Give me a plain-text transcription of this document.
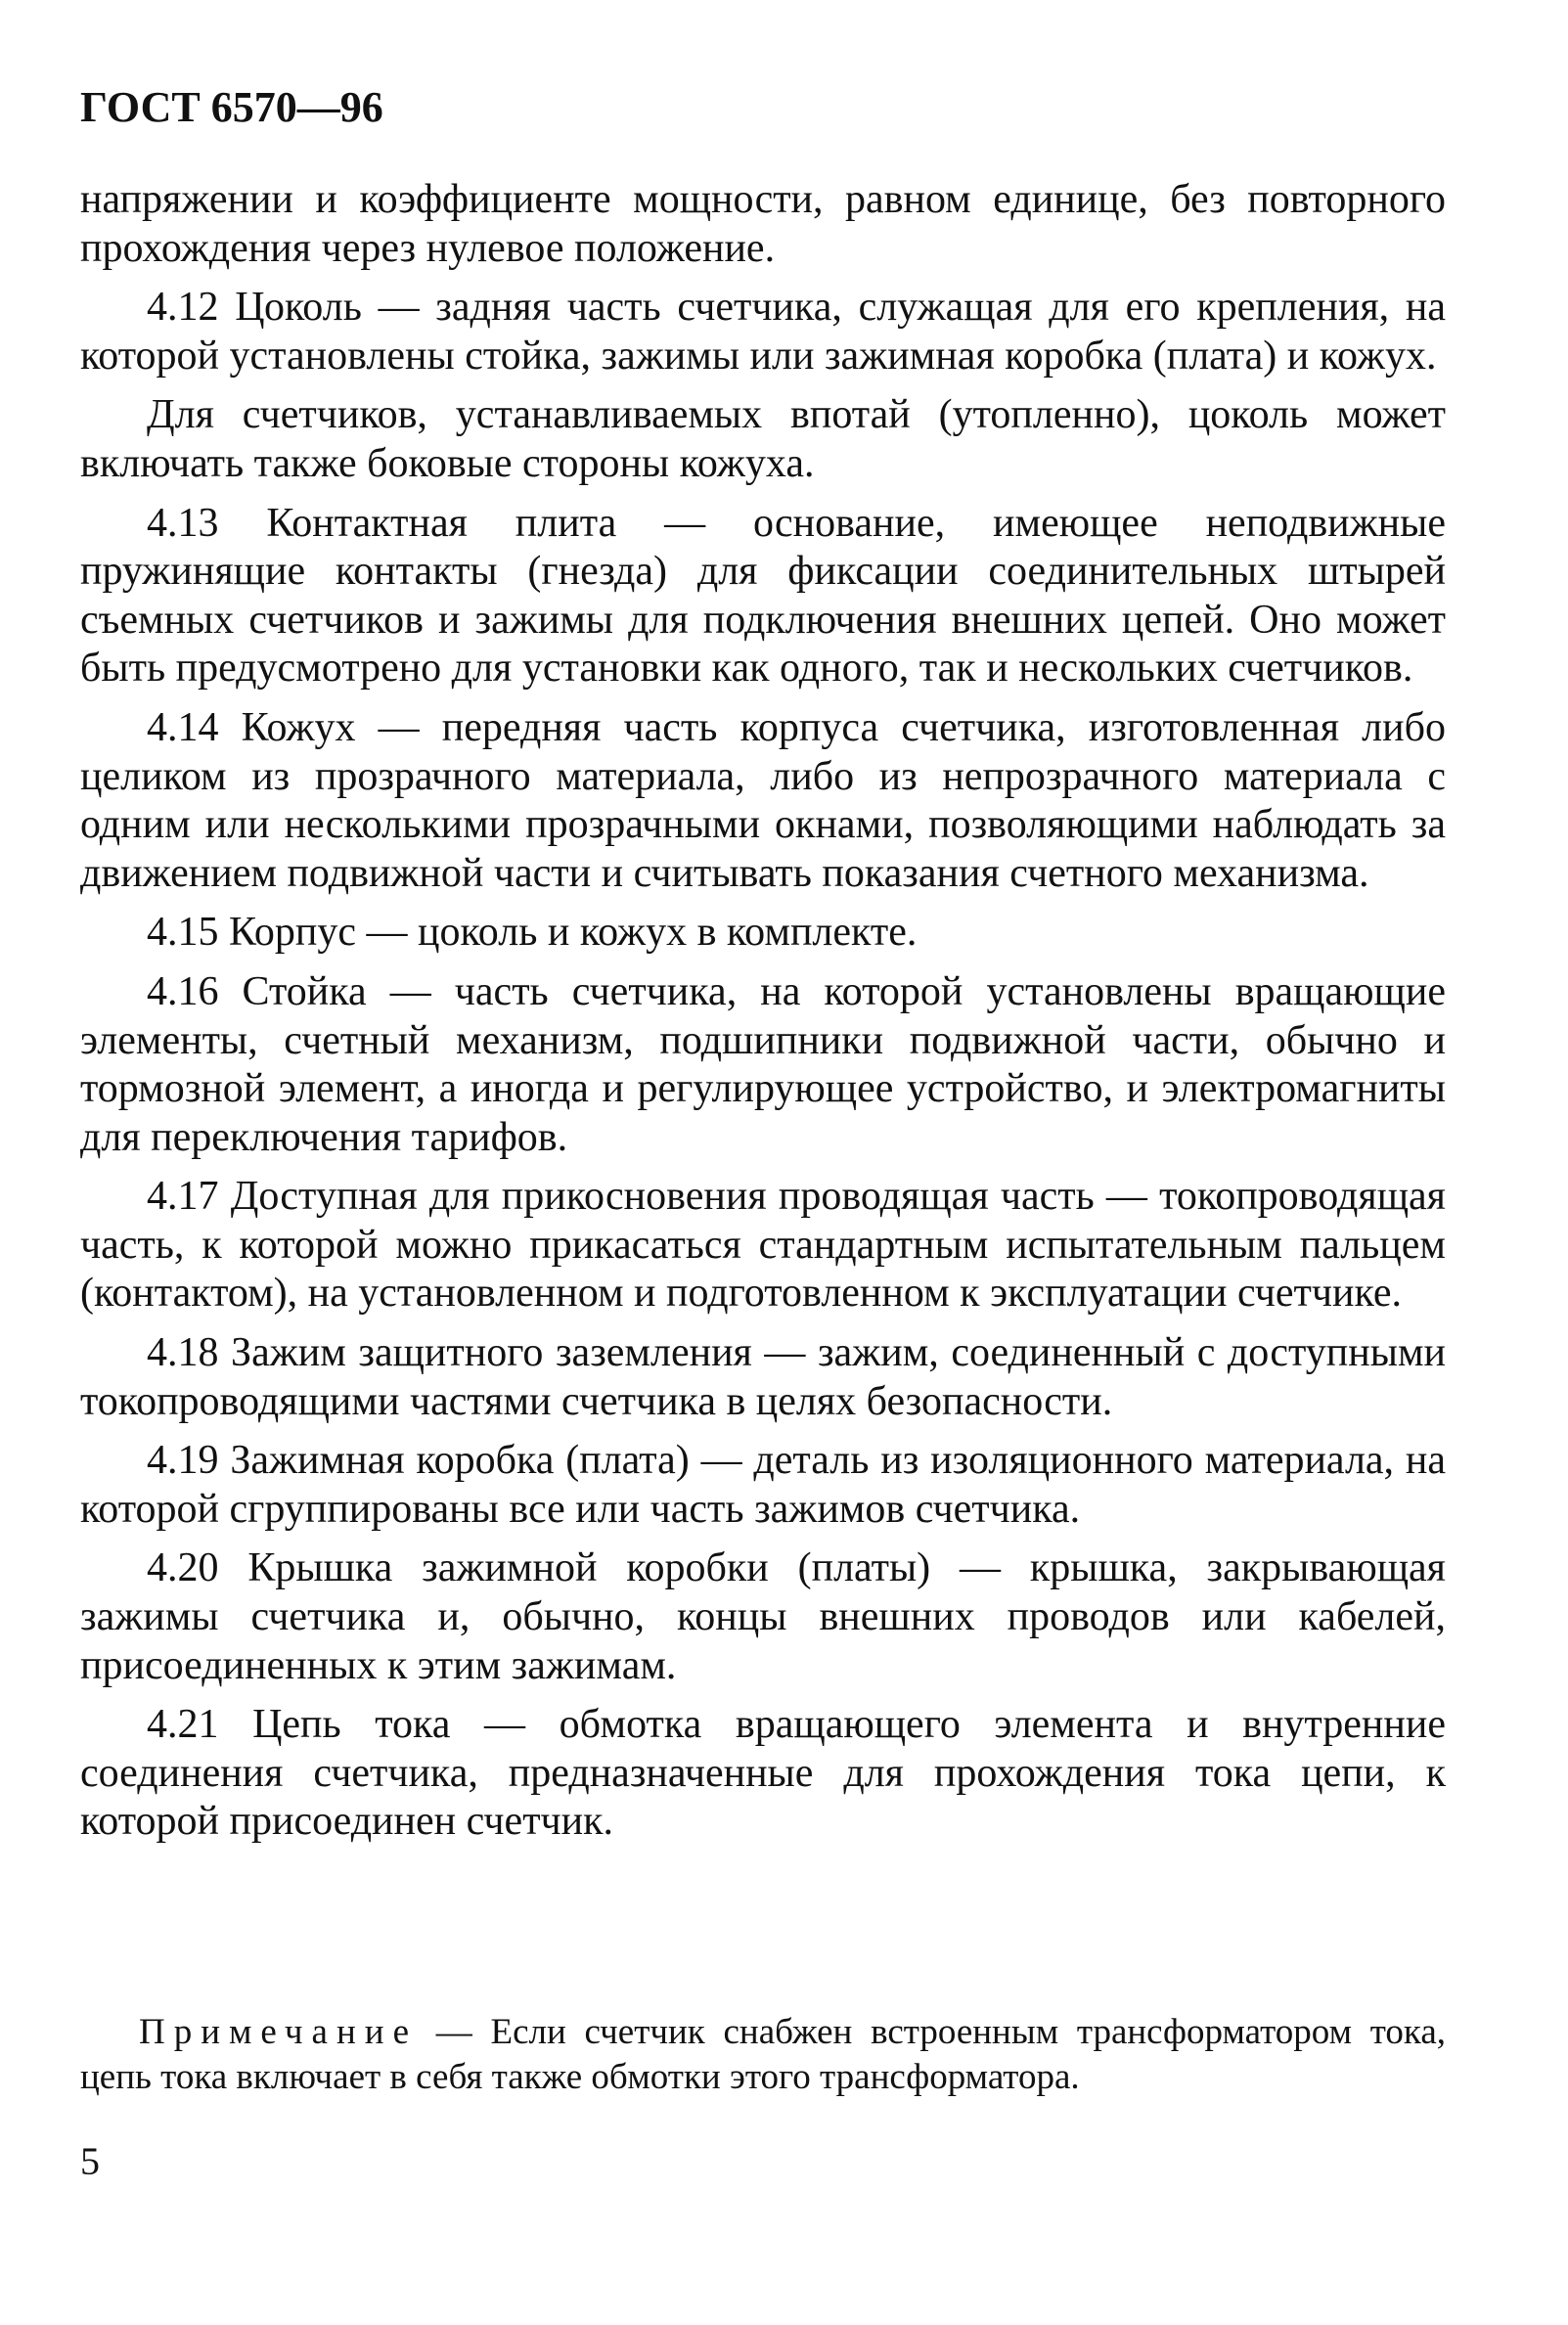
ГОСТ 6570—96

напряжении и коэффициенте мощности, равном единице, без повторного прохождения через нулевое положение.

4.12 Цоколь — задняя часть счетчика, служащая для его крепления, на которой установлены стойка, зажимы или зажимная коробка (плата) и кожух.

Для счетчиков, устанавливаемых впотай (утопленно), цоколь может включать также боковые стороны кожуха.

4.13 Контактная плита — основание, имеющее неподвижные пружинящие контакты (гнезда) для фиксации соединительных штырей съемных счетчиков и зажимы для подключения внешних цепей. Оно может быть предусмотрено для установки как одного, так и нескольких счетчиков.

4.14 Кожух — передняя часть корпуса счетчика, изготовленная либо целиком из прозрачного материала, либо из непрозрачного материала с одним или несколькими прозрачными окнами, позволяющими наблюдать за движением подвижной части и считывать показания счетного механизма.

4.15 Корпус — цоколь и кожух в комплекте.

4.16 Стойка — часть счетчика, на которой установлены вращающие элементы, счетный механизм, подшипники подвижной части, обычно и тормозной элемент, а иногда и регулирующее устройство, и электромагниты для переключения тарифов.

4.17 Доступная для прикосновения проводящая часть — токопроводящая часть, к которой можно прикасаться стандартным испытательным пальцем (контактом), на установленном и подготовленном к эксплуатации счетчике.

4.18 Зажим защитного заземления — зажим, соединенный с доступными токопроводящими частями счетчика в целях безопасности.

4.19 Зажимная коробка (плата) — деталь из изоляционного материала, на которой сгруппированы все или часть зажимов счетчика.

4.20 Крышка зажимной коробки (платы) — крышка, закрывающая зажимы счетчика и, обычно, концы внешних проводов или кабелей, присоединенных к этим зажимам.

4.21 Цепь тока — обмотка вращающего элемента и внутренние соединения счетчика, предназначенные для прохождения тока цепи, к которой присоединен счетчик.

Примечание — Если счетчик снабжен встроенным трансформатором тока, цепь тока включает в себя также обмотки этого трансформатора.
5
